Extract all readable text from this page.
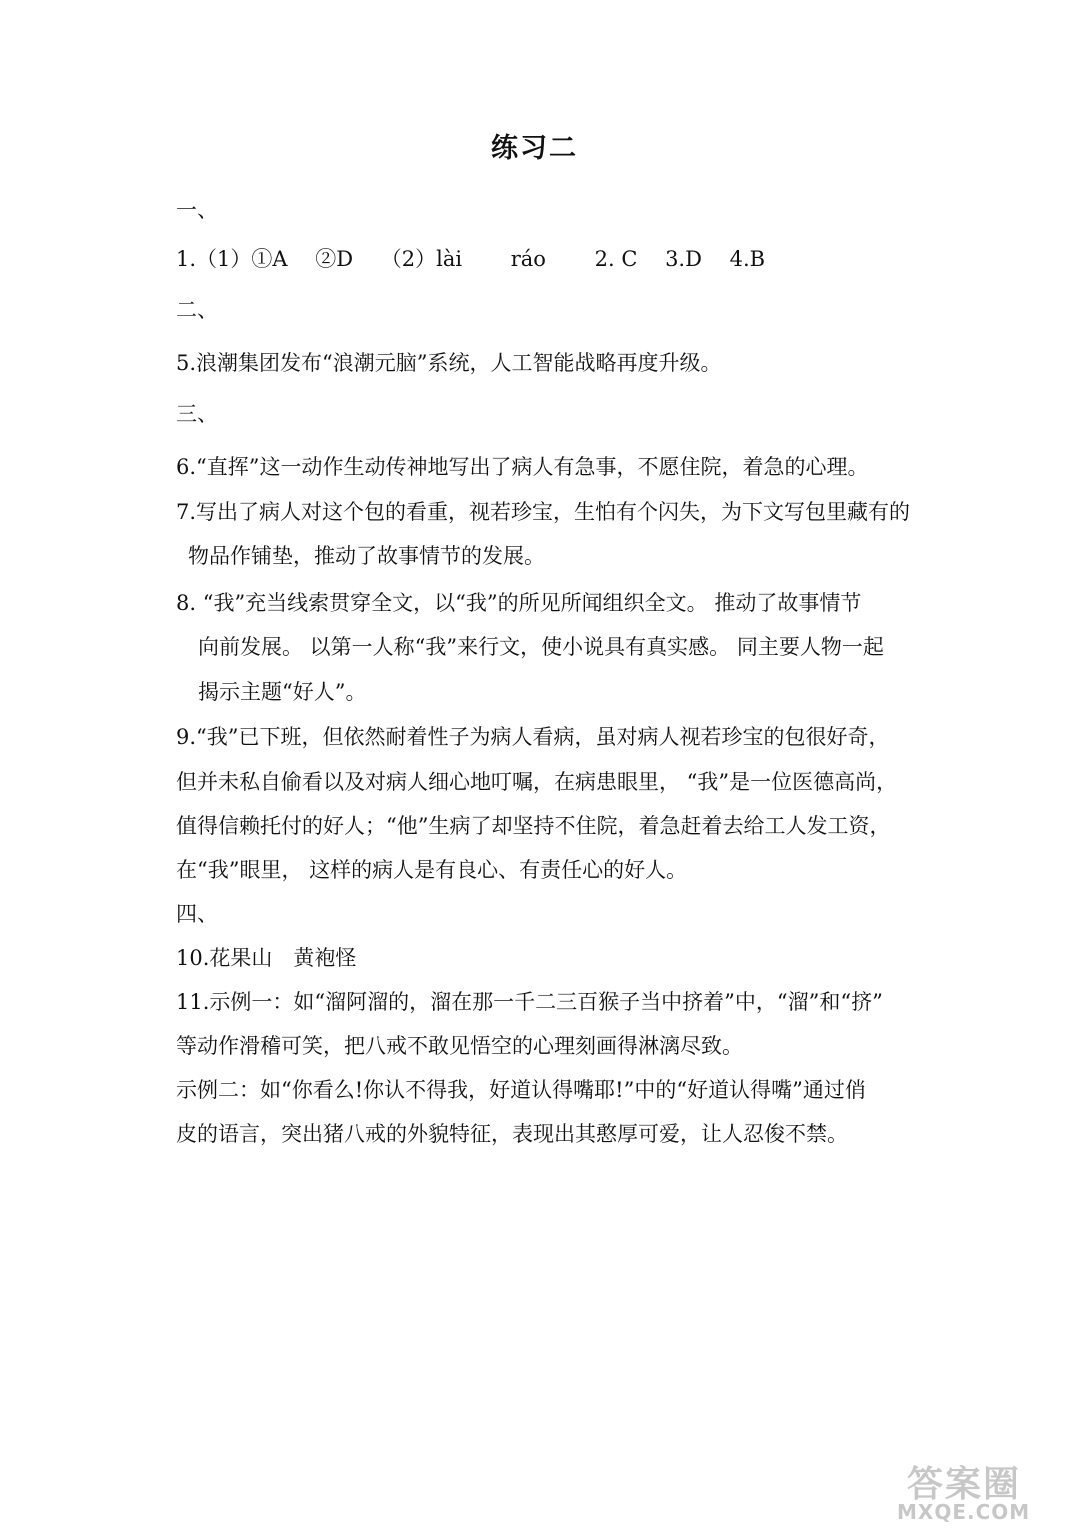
练习二
一、
1.（1）①A　 ②D　 （2）lài　　 ráo　　 2. C　 3.D　 4.B
二、
5.浪潮集团发布“浪潮元脑”系统，人工智能战略再度升级。
三、
6.“直挥”这一动作生动传神地写出了病人有急事，不愿住院，着急的心理。
7.写出了病人对这个包的看重，视若珍宝，生怕有个闪失，为下文写包里藏有的
物品作铺垫，推动了故事情节的发展。
8. “我”充当线索贯穿全文，以“我”的所见所闻组织全文。 推动了故事情节
向前发展。 以第一人称“我”来行文，使小说具有真实感。 同主要人物一起
揭示主题“好人”。
9.“我”已下班，但依然耐着性子为病人看病，虽对病人视若珍宝的包很好奇，
但并未私自偷看以及对病人细心地叮嘱，在病患眼里， “我”是一位医德高尚，
值得信赖托付的好人；“他”生病了却坚持不住院，着急赶着去给工人发工资，
在“我”眼里， 这样的病人是有良心、有责任心的好人。
四、
10.花果山　黄袍怪
11.示例一：如“溜阿溜的，溜在那一千二三百猴子当中挤着”中，“溜”和“挤”
等动作滑稽可笑，把八戒不敢见悟空的心理刻画得淋漓尽致。
示例二：如“你看么!你认不得我，好道认得嘴耶!”中的“好道认得嘴”通过俏
皮的语言，突出猪八戒的外貌特征，表现出其憨厚可爱，让人忍俊不禁。
答案圈
MXQE.COM
